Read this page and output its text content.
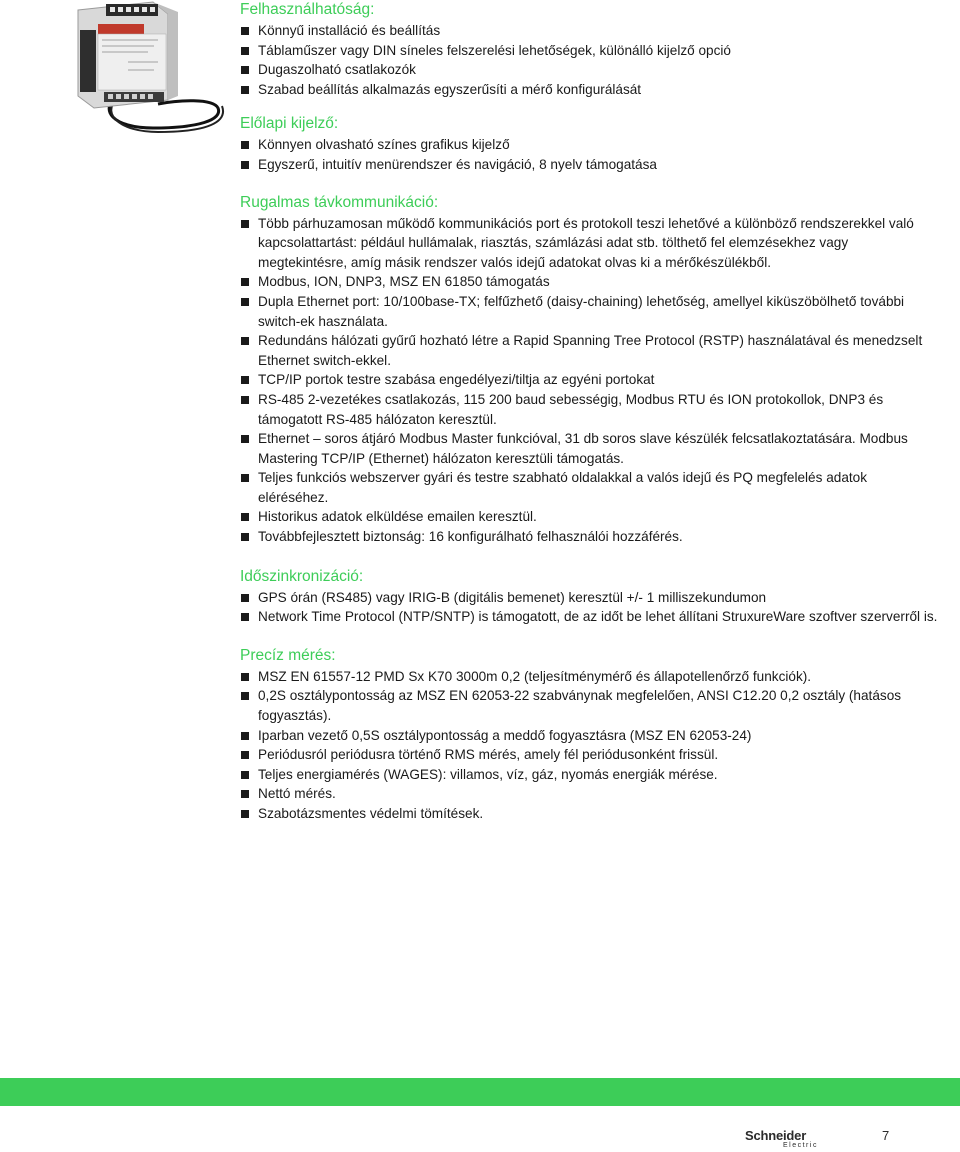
Felhasználhatóság:
Könnyű installáció és beállítás
Táblaműszer vagy DIN síneles felszerelési lehetőségek, különálló kijelző opció
Dugaszolható csatlakozók
Szabad beállítás alkalmazás egyszerűsíti a mérő konfigurálását
Előlapi kijelző:
Könnyen olvasható színes grafikus kijelző
Egyszerű, intuitív menürendszer és navigáció, 8 nyelv támogatása
Rugalmas távkommunikáció:
Több párhuzamosan működő kommunikációs port és protokoll teszi lehetővé a különböző rendszerekkel való kapcsolattartást: például hullámalak, riasztás, számlázási adat stb. tölthető fel elemzésekhez vagy megtekintésre, amíg másik rendszer valós idejű adatokat olvas ki a mérőkészülékből.
Modbus, ION, DNP3, MSZ EN 61850 támogatás
Dupla Ethernet port: 10/100base-TX; felfűzhető (daisy-chaining) lehetőség, amellyel kiküszöbölhető további switch-ek használata.
Redundáns hálózati gyűrű hozható létre a Rapid Spanning Tree Protocol (RSTP) használatával és menedzselt Ethernet switch-ekkel.
TCP/IP portok testre szabása engedélyezi/tiltja az egyéni portokat
RS-485 2-vezetékes csatlakozás, 115 200 baud sebességig, Modbus RTU és ION protokollok, DNP3 és támogatott RS-485 hálózaton keresztül.
Ethernet – soros átjáró Modbus Master funkcióval, 31 db soros slave készülék felcsatlakoztatására. Modbus Mastering TCP/IP (Ethernet) hálózaton keresztüli támogatás.
Teljes funkciós webszerver gyári és testre szabható oldalakkal a valós idejű és PQ megfelelés adatok eléréséhez.
Historikus adatok elküldése emailen keresztül.
Továbbfejlesztett biztonság: 16 konfigurálható felhasználói hozzáférés.
Időszinkronizáció:
GPS órán (RS485) vagy IRIG-B (digitális bemenet) keresztül +/- 1 milliszekundumon
Network Time Protocol (NTP/SNTP) is támogatott, de az időt be lehet állítani StruxureWare szoftver szerverről is.
Precíz mérés:
MSZ EN 61557-12 PMD Sx K70 3000m 0,2 (teljesítménymérő és állapotellenőrző funkciók).
0,2S osztálypontosság az MSZ EN 62053-22 szabványnak megfelelően, ANSI C12.20 0,2 osztály (hatásos fogyasztás).
Iparban vezető 0,5S osztálypontosság a meddő fogyasztásra (MSZ EN 62053-24)
Periódusról periódusra történő RMS mérés, amely fél periódusonként frissül.
Teljes energiamérés (WAGES): villamos, víz, gáz, nyomás energiák mérése.
Nettó mérés.
Szabotázsmentes védelmi tömítések.
Schneider
Electric
7
